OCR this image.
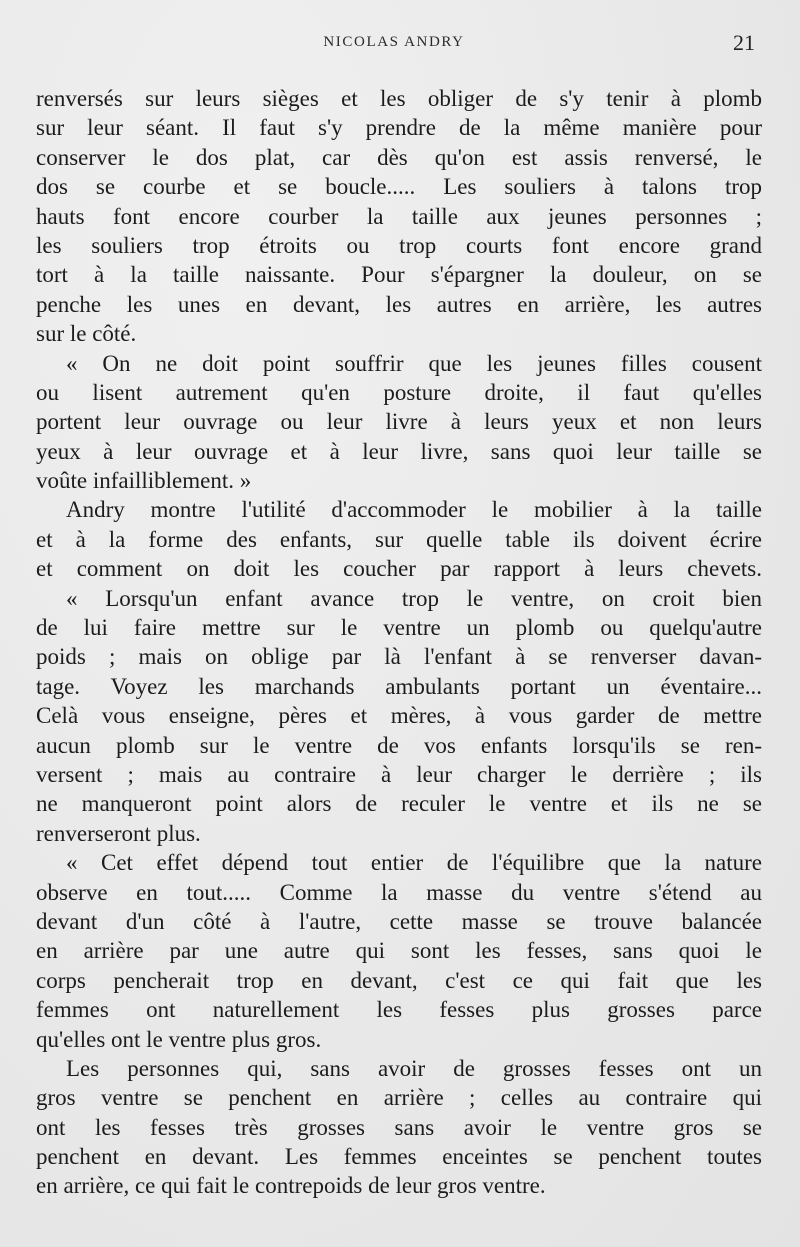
NICOLAS ANDRY	21
renversés sur leurs sièges et les obliger de s'y tenir à plomb
sur leur séant. Il faut s'y prendre de la même manière pour
conserver le dos plat, car dès qu'on est assis renversé, le
dos se courbe et se boucle..... Les souliers à talons trop
hauts font encore courber la taille aux jeunes personnes ;
les souliers trop étroits ou trop courts font encore grand
tort à la taille naissante. Pour s'épargner la douleur, on se
penche les unes en devant, les autres en arrière, les autres
sur le côté.
« On ne doit point souffrir que les jeunes filles cousent
ou lisent autrement qu'en posture droite, il faut qu'elles
portent leur ouvrage ou leur livre à leurs yeux et non leurs
yeux à leur ouvrage et à leur livre, sans quoi leur taille se
voûte infailliblement. »
Andry montre l'utilité d'accommoder le mobilier à la taille
et à la forme des enfants, sur quelle table ils doivent écrire
et comment on doit les coucher par rapport à leurs chevets.
« Lorsqu'un enfant avance trop le ventre, on croit bien
de lui faire mettre sur le ventre un plomb ou quelqu'autre
poids ; mais on oblige par là l'enfant à se renverser davan-
tage. Voyez les marchands ambulants portant un éventaire...
Celà vous enseigne, pères et mères, à vous garder de mettre
aucun plomb sur le ventre de vos enfants lorsqu'ils se ren-
versent ; mais au contraire à leur charger le derrière ; ils
ne manqueront point alors de reculer le ventre et ils ne se
renverseront plus.
« Cet effet dépend tout entier de l'équilibre que la nature
observe en tout..... Comme la masse du ventre s'étend au
devant d'un côté à l'autre, cette masse se trouve balancée
en arrière par une autre qui sont les fesses, sans quoi le
corps pencherait trop en devant, c'est ce qui fait que les
femmes ont naturellement les fesses plus grosses parce
qu'elles ont le ventre plus gros.
Les personnes qui, sans avoir de grosses fesses ont un
gros ventre se penchent en arrière ; celles au contraire qui
ont les fesses très grosses sans avoir le ventre gros se
penchent en devant. Les femmes enceintes se penchent toutes
en arrière, ce qui fait le contrepoids de leur gros ventre.
